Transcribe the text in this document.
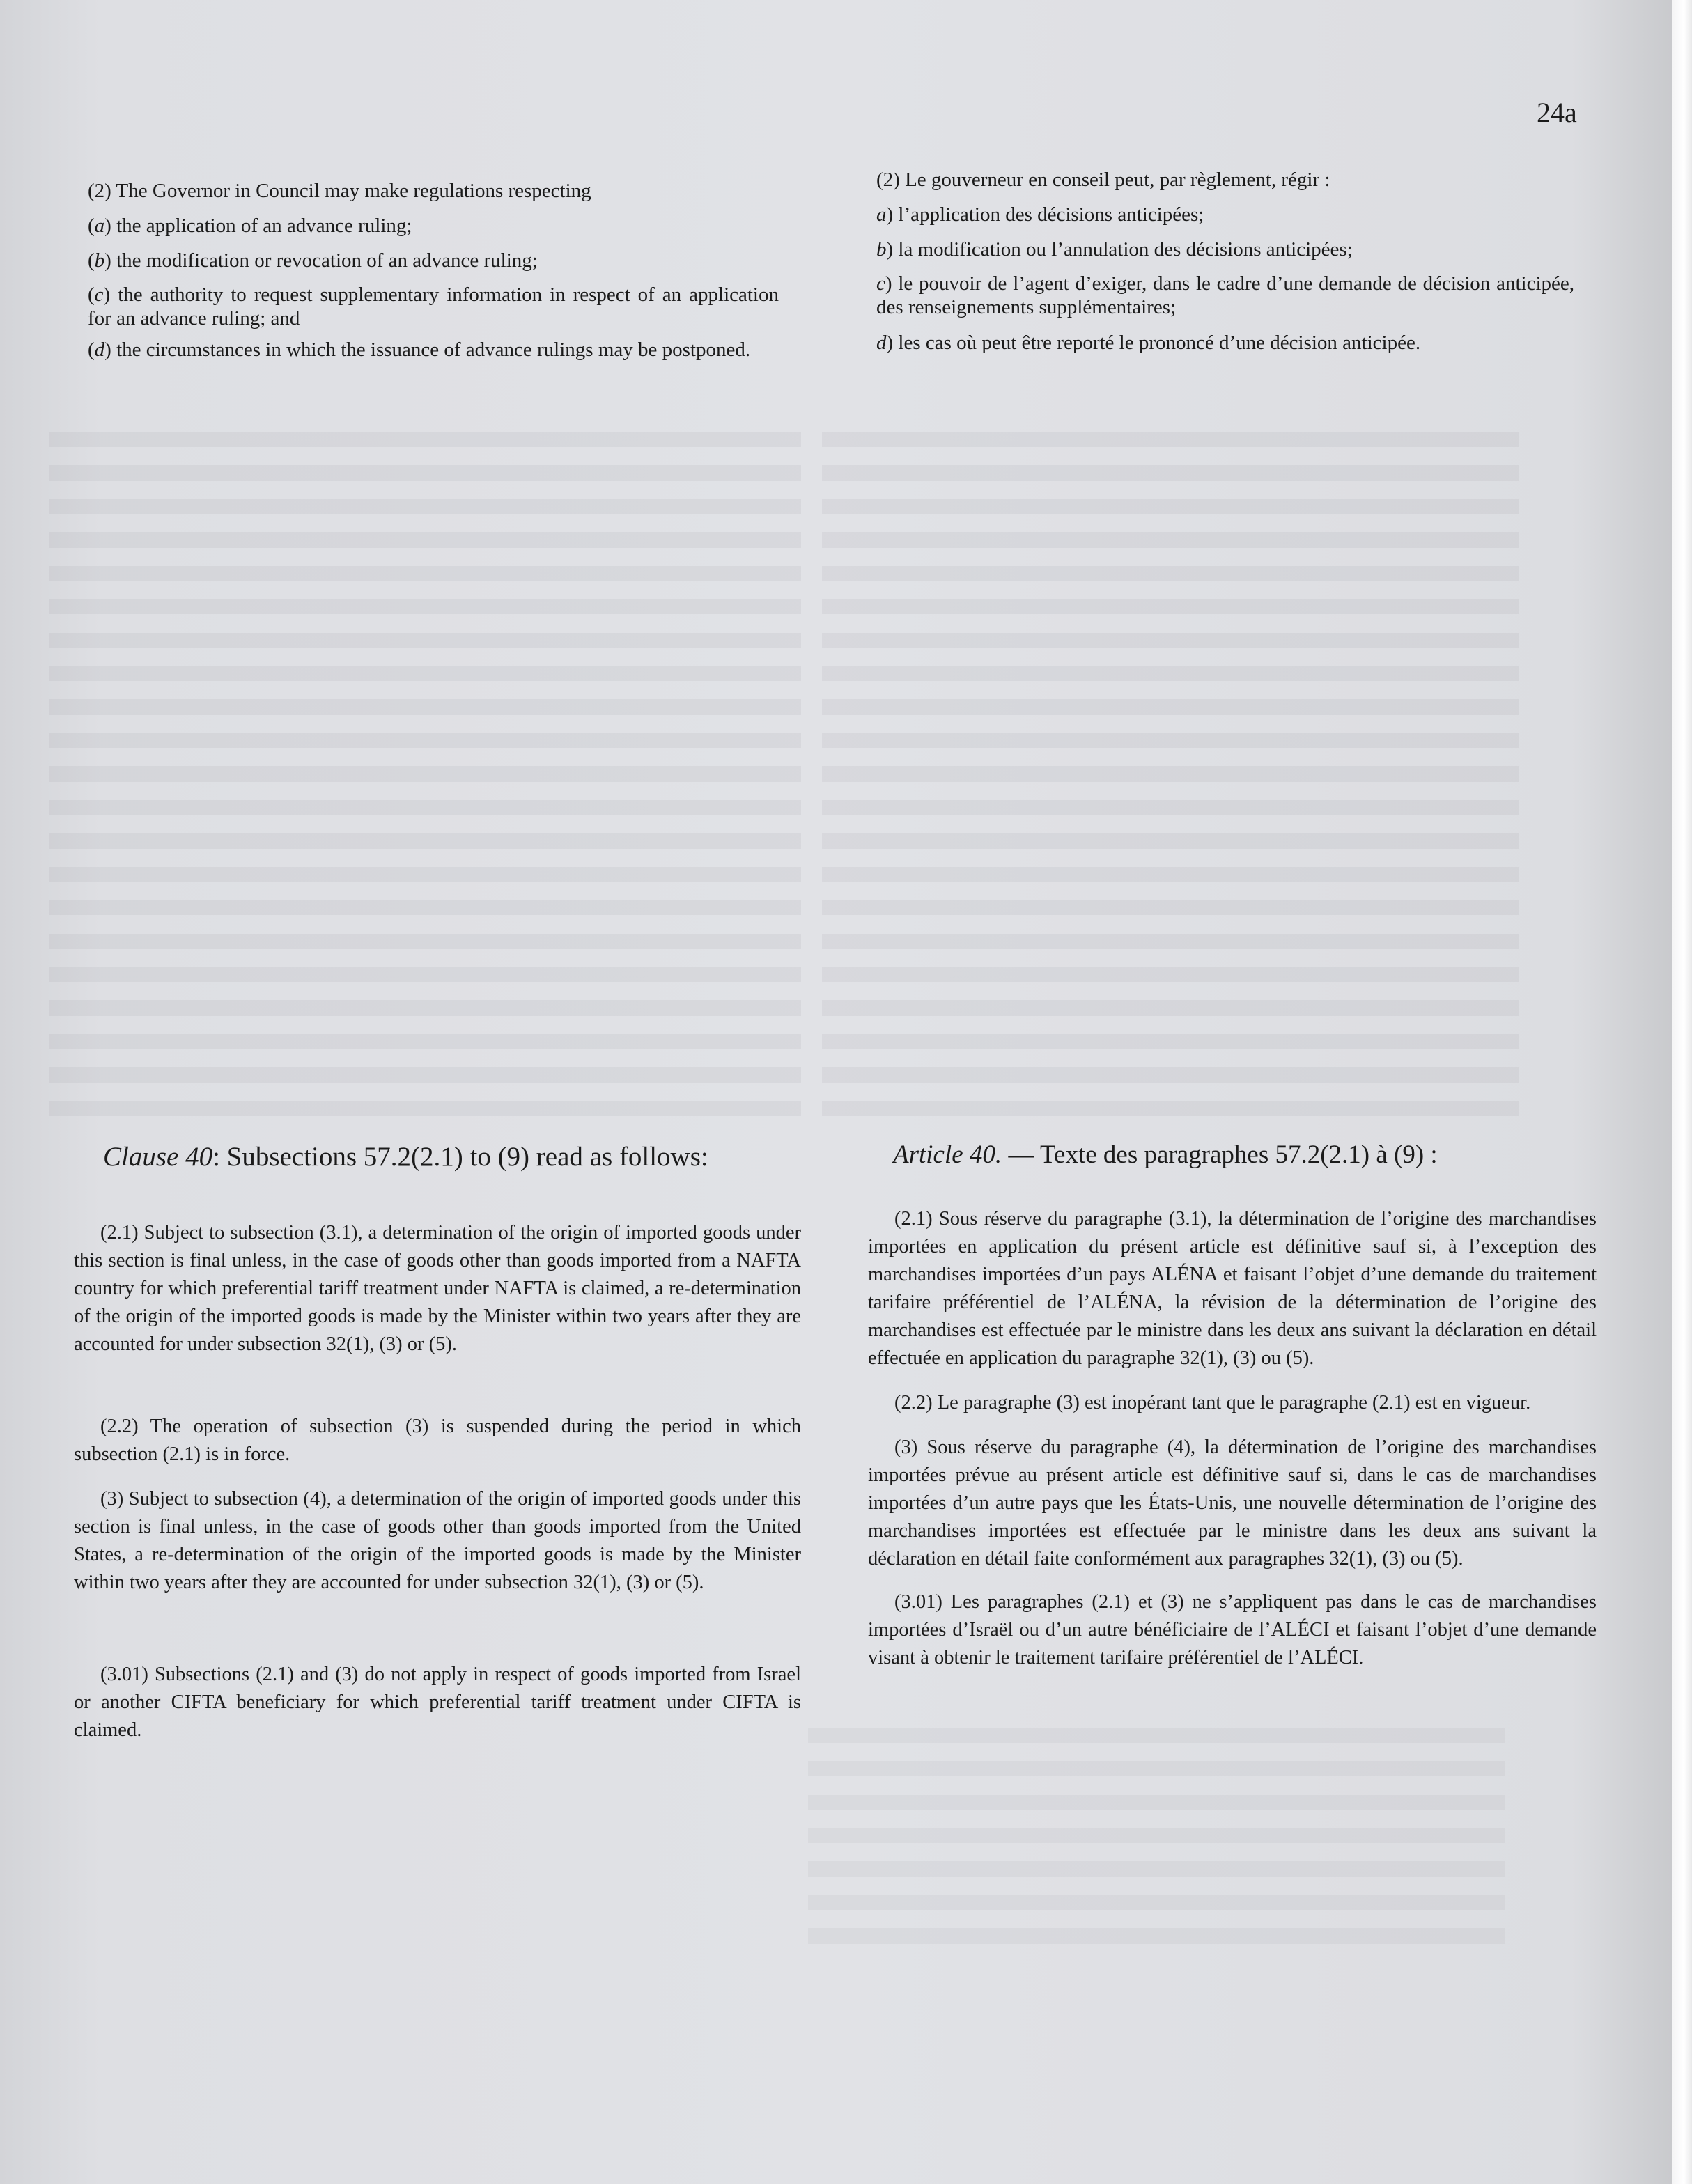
24a

(2) The Governor in Council may make regulations respecting

(a) the application of an advance ruling;

(b) the modification or revocation of an advance ruling;

(c) the authority to request supplementary information in respect of an application for an advance ruling; and

(d) the circumstances in which the issuance of advance rulings may be postponed.

(2) Le gouverneur en conseil peut, par règlement, régir :

a) l’application des décisions anticipées;

b) la modification ou l’annulation des décisions anticipées;

c) le pouvoir de l’agent d’exiger, dans le cadre d’une demande de décision anticipée, des renseignements supplémentaires;

d) les cas où peut être reporté le prononcé d’une décision anticipée.

Clause 40: Subsections 57.2(2.1) to (9) read as follows:	Article 40. — Texte des paragraphes 57.2(2.1) à (9) :

(2.1) Subject to subsection (3.1), a determination of the origin of imported goods under this section is final unless, in the case of goods other than goods imported from a NAFTA country for which preferential tariff treatment under NAFTA is claimed, a re-determination of the origin of the imported goods is made by the Minister within two years after they are accounted for under subsection 32(1), (3) or (5).

(2.2) The operation of subsection (3) is suspended during the period in which subsection (2.1) is in force.

(3) Subject to subsection (4), a determination of the origin of imported goods under this section is final unless, in the case of goods other than goods imported from the United States, a re-determination of the origin of the imported goods is made by the Minister within two years after they are accounted for under subsection 32(1), (3) or (5).

(3.01) Subsections (2.1) and (3) do not apply in respect of goods imported from Israel or another CIFTA beneficiary for which preferential tariff treatment under CIFTA is claimed.

(2.1) Sous réserve du paragraphe (3.1), la détermination de l’origine des marchandises importées en application du présent article est définitive sauf si, à l’exception des marchandises importées d’un pays ALÉNA et faisant l’objet d’une demande du traitement tarifaire préférentiel de l’ALÉNA, la révision de la détermination de l’origine des marchandises est effectuée par le ministre dans les deux ans suivant la déclaration en détail effectuée en application du paragraphe 32(1), (3) ou (5).

(2.2) Le paragraphe (3) est inopérant tant que le paragraphe (2.1) est en vigueur.

(3) Sous réserve du paragraphe (4), la détermination de l’origine des marchandises importées prévue au présent article est définitive sauf si, dans le cas de marchandises importées d’un autre pays que les États-Unis, une nouvelle détermination de l’origine des marchandises importées est effectuée par le ministre dans les deux ans suivant la déclaration en détail faite conformément aux paragraphes 32(1), (3) ou (5).

(3.01) Les paragraphes (2.1) et (3) ne s’appliquent pas dans le cas de marchandises importées d’Israël ou d’un autre bénéficiaire de l’ALÉCI et faisant l’objet d’une demande visant à obtenir le traitement tarifaire préférentiel de l’ALÉCI.
